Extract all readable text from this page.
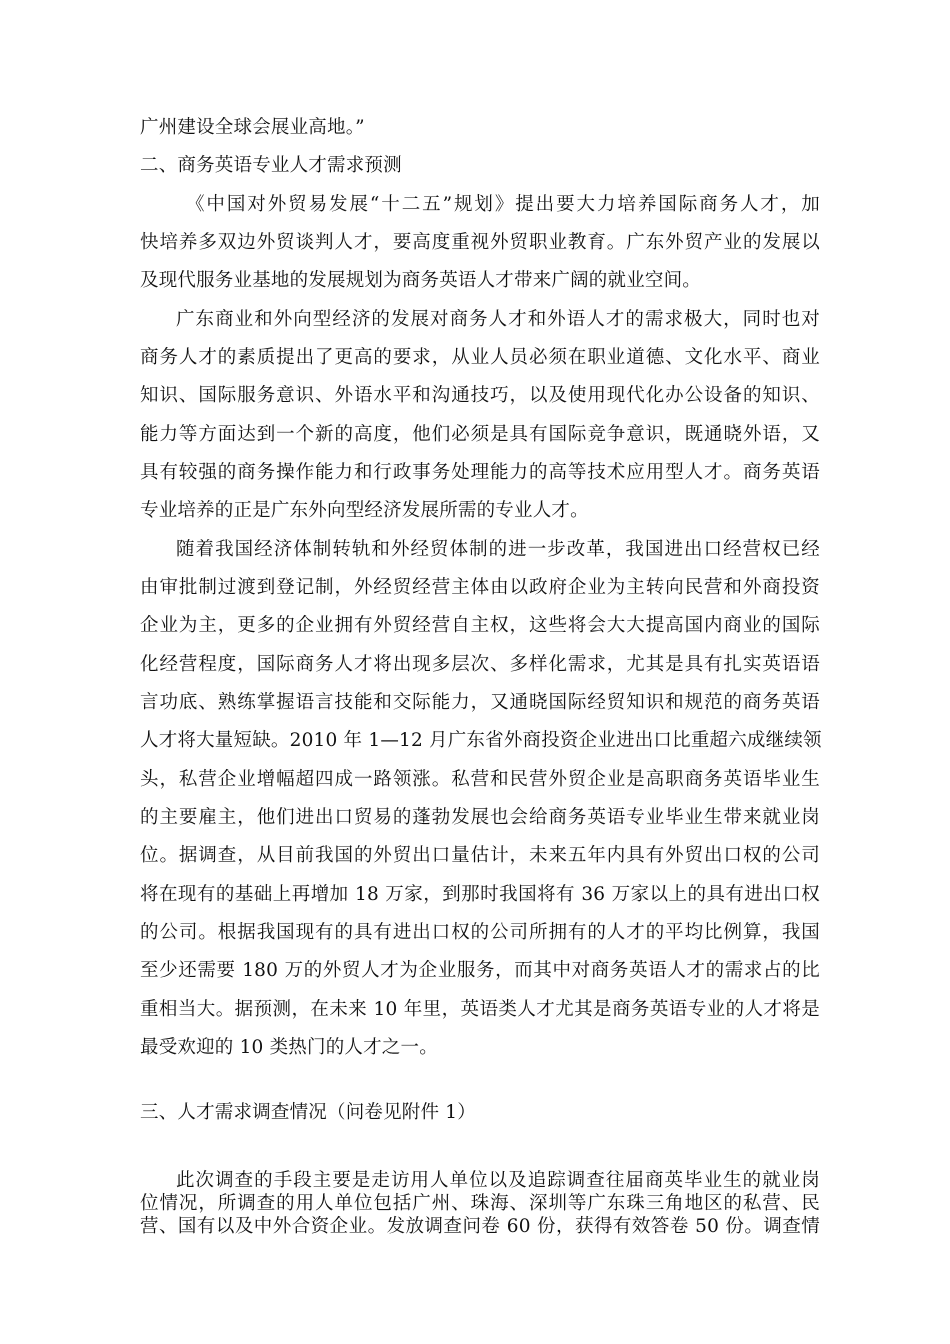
广州建设全球会展业高地。”
二、商务英语专业人才需求预测
《中国对外贸易发展“十二五”规划》提出要大力培养国际商务人才，加
快培养多双边外贸谈判人才，要高度重视外贸职业教育。广东外贸产业的发展以
及现代服务业基地的发展规划为商务英语人才带来广阔的就业空间。
广东商业和外向型经济的发展对商务人才和外语人才的需求极大，同时也对
商务人才的素质提出了更高的要求，从业人员必须在职业道德、文化水平、商业
知识、国际服务意识、外语水平和沟通技巧，以及使用现代化办公设备的知识、
能力等方面达到一个新的高度，他们必须是具有国际竞争意识，既通晓外语，又
具有较强的商务操作能力和行政事务处理能力的高等技术应用型人才。商务英语
专业培养的正是广东外向型经济发展所需的专业人才。
随着我国经济体制转轨和外经贸体制的进一步改革，我国进出口经营权已经
由审批制过渡到登记制，外经贸经营主体由以政府企业为主转向民营和外商投资
企业为主，更多的企业拥有外贸经营自主权，这些将会大大提高国内商业的国际
化经营程度，国际商务人才将出现多层次、多样化需求，尤其是具有扎实英语语
言功底、熟练掌握语言技能和交际能力，又通晓国际经贸知识和规范的商务英语
人才将大量短缺。2010 年 1—12 月广东省外商投资企业进出口比重超六成继续领
头，私营企业增幅超四成一路领涨。私营和民营外贸企业是高职商务英语毕业生
的主要雇主，他们进出口贸易的蓬勃发展也会给商务英语专业毕业生带来就业岗
位。据调查，从目前我国的外贸出口量估计，未来五年内具有外贸出口权的公司
将在现有的基础上再增加 18 万家，到那时我国将有 36 万家以上的具有进出口权
的公司。根据我国现有的具有进出口权的公司所拥有的人才的平均比例算，我国
至少还需要 180 万的外贸人才为企业服务，而其中对商务英语人才的需求占的比
重相当大。据预测，在未来 10 年里，英语类人才尤其是商务英语专业的人才将是
最受欢迎的 10 类热门的人才之一。
三、人才需求调查情况（问卷见附件 1）
此次调查的手段主要是走访用人单位以及追踪调查往届商英毕业生的就业岗
位情况，所调查的用人单位包括广州、珠海、深圳等广东珠三角地区的私营、民
营、国有以及中外合资企业。发放调查问卷 60 份，获得有效答卷 50 份。调查情
